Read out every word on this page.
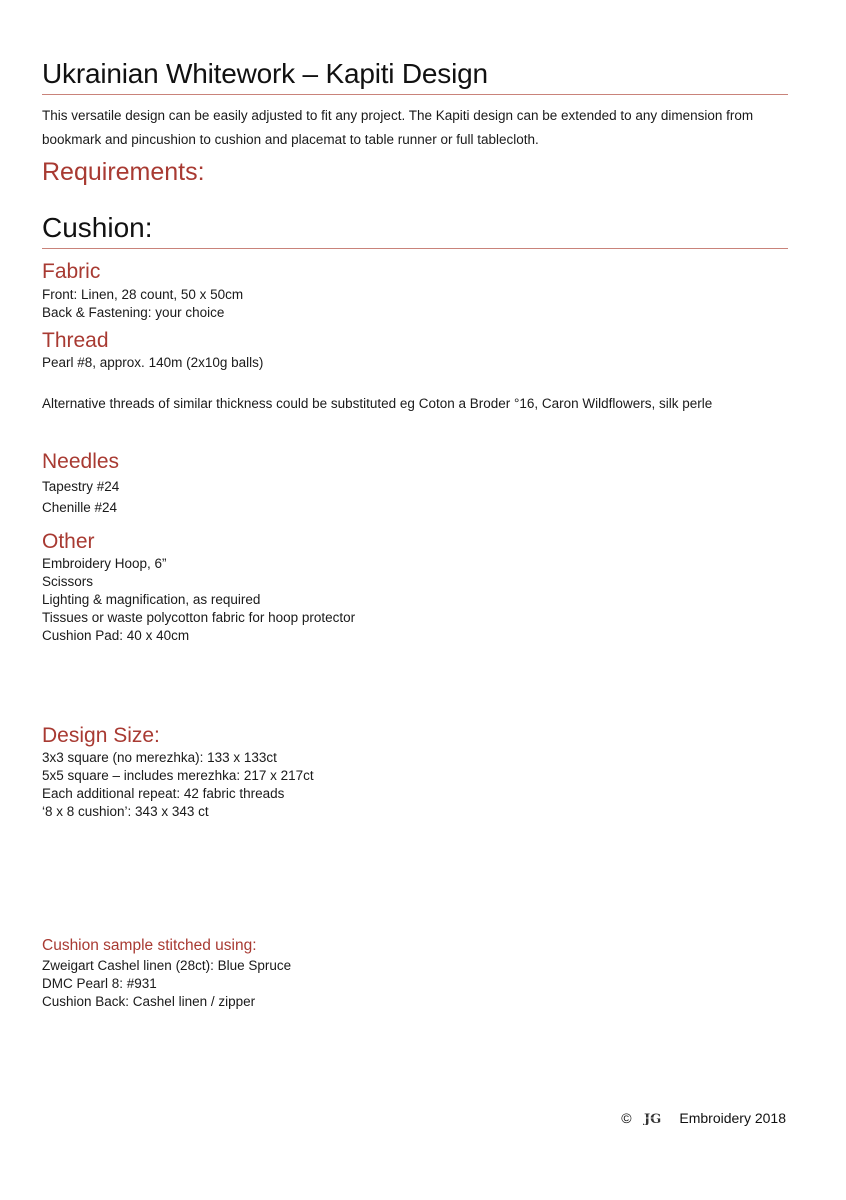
Ukrainian Whitework – Kapiti Design
This versatile design can be easily adjusted to fit any project. The Kapiti design can be extended to any dimension from bookmark and pincushion to cushion and placemat to table runner or full tablecloth.
Requirements:
Cushion:
Fabric
Front: Linen, 28 count, 50 x 50cm
Back & Fastening: your choice
Thread
Pearl #8, approx. 140m (2x10g balls)
Alternative threads of similar thickness could be substituted eg Coton a Broder °16, Caron Wildflowers, silk perle
Needles
Tapestry #24
Chenille #24
Other
Embroidery Hoop, 6”
Scissors
Lighting & magnification, as required
Tissues or waste polycotton fabric for hoop protector
Cushion Pad: 40 x 40cm
Design Size:
3x3 square (no merezhka): 133 x 133ct
5x5 square – includes merezhka: 217 x 217ct
Each additional repeat: 42 fabric threads
‘8 x 8 cushion’: 343 x 343 ct
Cushion sample stitched using:
Zweigart Cashel linen (28ct): Blue Spruce
DMC Pearl 8: #931
Cushion Back: Cashel linen / zipper
© JG Embroidery 2018
